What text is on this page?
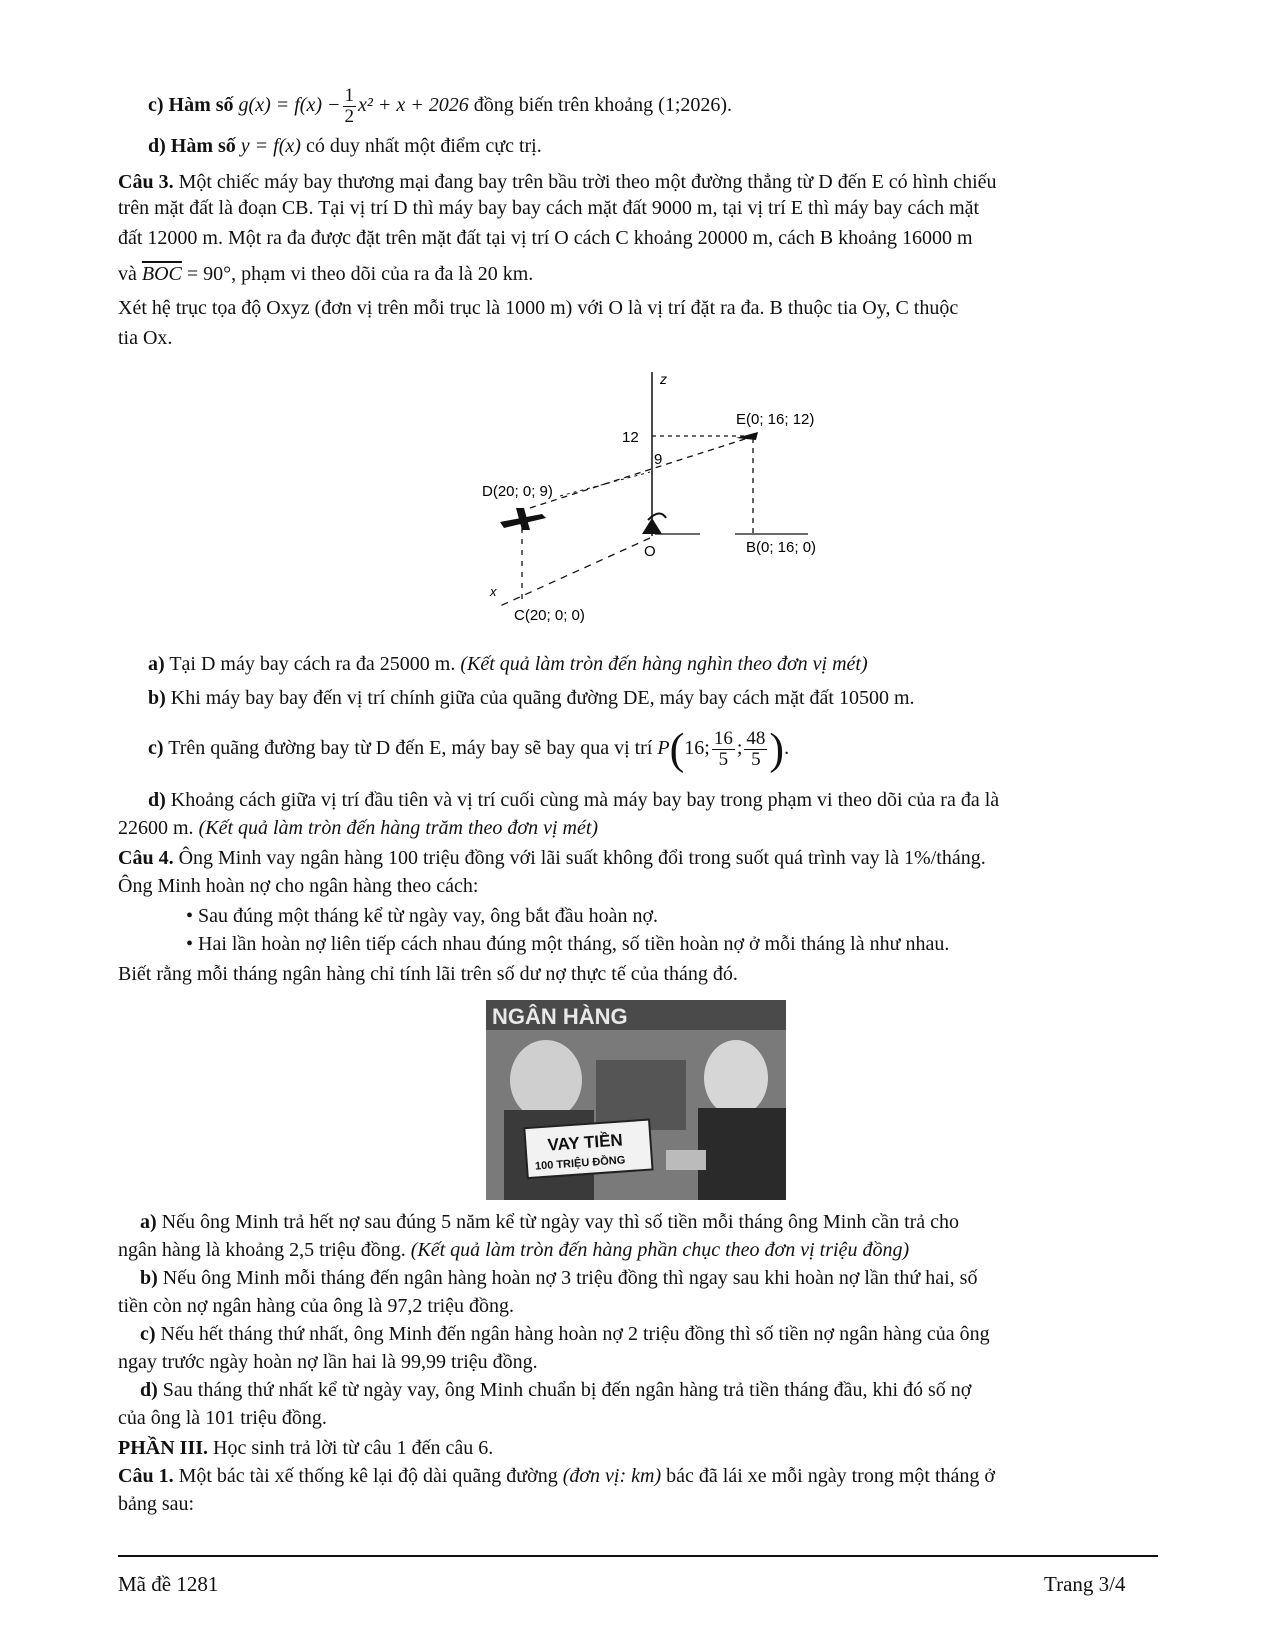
c) Hàm số $g(x) = f(x) - \frac{1}{2} x^2 + x + 2026$ đồng biến trên khoảng (1;2026).
d) Hàm số y = f(x) có duy nhất một điểm cực trị.
Câu 3. Một chiếc máy bay thương mại đang bay trên bầu trời theo một đường thẳng từ D đến E có hình chiếu
trên mặt đất là đoạn CB. Tại vị trí D thì máy bay bay cách mặt đất 9000 m, tại vị trí E thì máy bay cách mặt
đất 12000 m. Một ra đa được đặt trên mặt đất tại vị trí O cách C khoảng 20000 m, cách B khoảng 16000 m
và $\overline{BOC} = 90^\circ$, phạm vi theo dõi của ra đa là 20 km.
Xét hệ trục tọa độ Oxyz (đơn vị trên mỗi trục là 1000 m) với O là vị trí đặt ra đa. B thuộc tia Oy, C thuộc
tia Ox.
z
x
12
9
O
E(0; 16; 12)
D(20; 0; 9)
B(0; 16; 0)
C(20; 0; 0)
a) Tại D máy bay cách ra đa 25000 m. (Kết quả làm tròn đến hàng nghìn theo đơn vị mét)
b) Khi máy bay bay đến vị trí chính giữa của quãng đường DE, máy bay cách mặt đất 10500 m.
c) Trên quãng đường bay từ D đến E, máy bay sẽ bay qua vị trí P(16; $\frac{16}{5}$ ; $\frac{48}{5}$ ).
d) Khoảng cách giữa vị trí đầu tiên và vị trí cuối cùng mà máy bay bay trong phạm vi theo dõi của ra đa là
22600 m. (Kết quả làm tròn đến hàng trăm theo đơn vị mét)
Câu 4. Ông Minh vay ngân hàng 100 triệu đồng với lãi suất không đổi trong suốt quá trình vay là 1%/tháng.
Ông Minh hoàn nợ cho ngân hàng theo cách:
• Sau đúng một tháng kể từ ngày vay, ông bắt đầu hoàn nợ.
• Hai lần hoàn nợ liên tiếp cách nhau đúng một tháng, số tiền hoàn nợ ở mỗi tháng là như nhau.
Biết rằng mỗi tháng ngân hàng chỉ tính lãi trên số dư nợ thực tế của tháng đó.
NGÂN HÀNG
VAY TIỀN
100 TRIỆU ĐỒNG
a) Nếu ông Minh trả hết nợ sau đúng 5 năm kể từ ngày vay thì số tiền mỗi tháng ông Minh cần trả cho
ngân hàng là khoảng 2,5 triệu đồng. (Kết quả làm tròn đến hàng phần chục theo đơn vị triệu đồng)
b) Nếu ông Minh mỗi tháng đến ngân hàng hoàn nợ 3 triệu đồng thì ngay sau khi hoàn nợ lần thứ hai, số
tiền còn nợ ngân hàng của ông là 97,2 triệu đồng.
c) Nếu hết tháng thứ nhất, ông Minh đến ngân hàng hoàn nợ 2 triệu đồng thì số tiền nợ ngân hàng của ông
ngay trước ngày hoàn nợ lần hai là 99,99 triệu đồng.
d) Sau tháng thứ nhất kể từ ngày vay, ông Minh chuẩn bị đến ngân hàng trả tiền tháng đầu, khi đó số nợ
của ông là 101 triệu đồng.
PHẦN III. Học sinh trả lời từ câu 1 đến câu 6.
Câu 1. Một bác tài xế thống kê lại độ dài quãng đường (đơn vị: km) bác đã lái xe mỗi ngày trong một tháng ở
bảng sau:
Mã đề 1281	Trang 3/4
